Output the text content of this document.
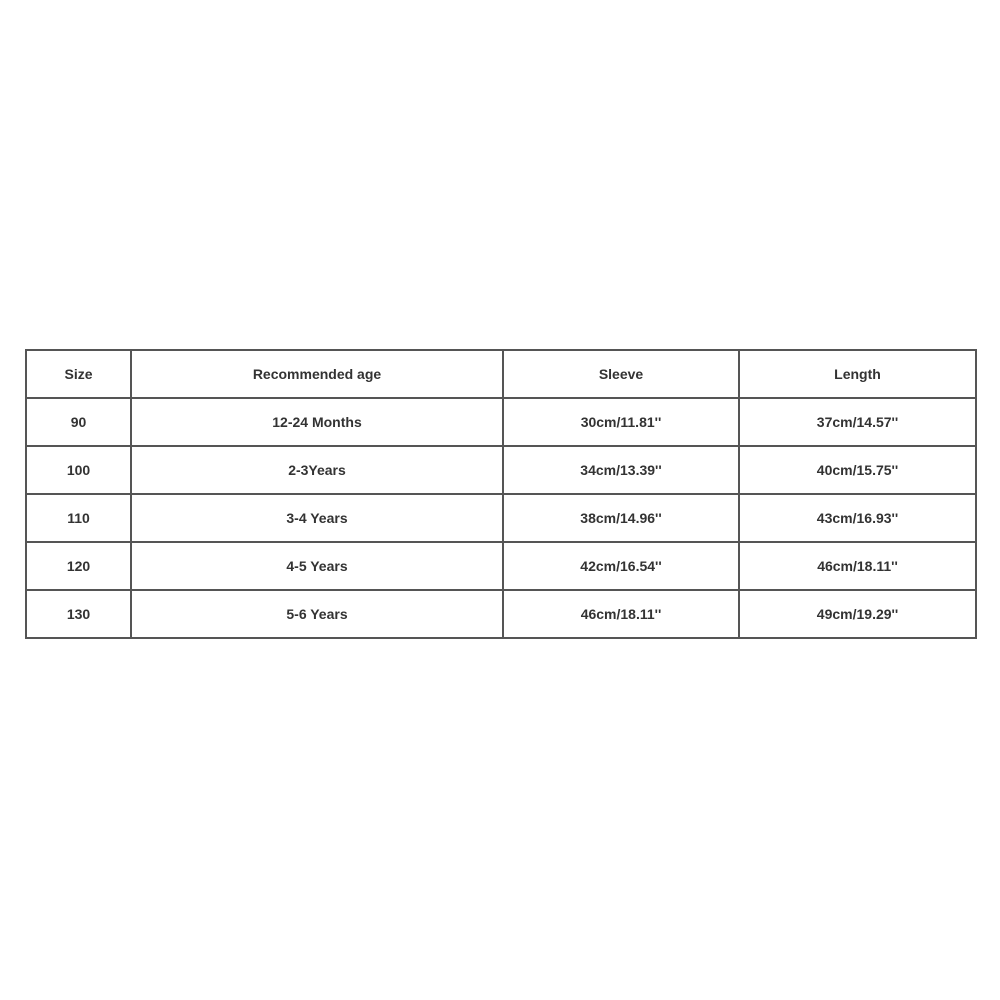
Size	Recommended age	Sleeve	Length
90	12-24 Months	30cm/11.81''	37cm/14.57''
100	2-3Years	34cm/13.39''	40cm/15.75''
110	3-4 Years	38cm/14.96''	43cm/16.93''
120	4-5 Years	42cm/16.54''	46cm/18.11''
130	5-6 Years	46cm/18.11''	49cm/19.29''
